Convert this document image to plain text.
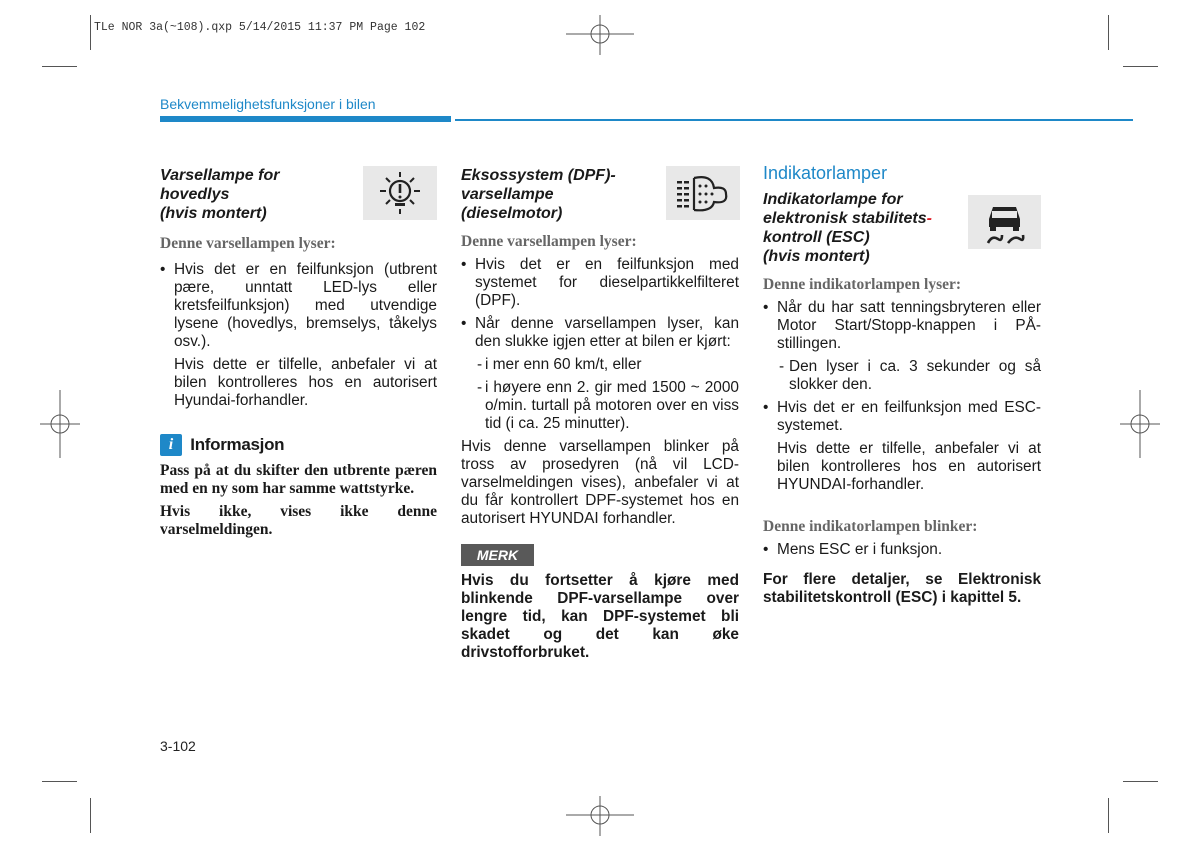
TLe NOR 3a(~108).qxp 5/14/2015 11:37 PM Page 102
Bekvemmelighetsfunksjoner i bilen
Varsellampe for
hovedlys
(hvis montert)
Denne varsellampen lyser:
• Hvis det er en feilfunksjon (utbrent pære, unntatt LED-lys eller kretsfeilfunksjon) med utvendige lysene (hovedlys, bremselys, tåkelys osv.).
Hvis dette er tilfelle, anbefaler vi at bilen kontrolleres hos en autorisert Hyundai-forhandler.
i Informasjon
Pass på at du skifter den utbrente pæren med en ny som har samme wattstyrke.
Hvis ikke, vises ikke denne varselmeldingen.
Eksossystem (DPF)-
varsellampe
(dieselmotor)
Denne varsellampen lyser:
• Hvis det er en feilfunksjon med systemet for dieselpartikkelfilteret (DPF).
• Når denne varsellampen lyser, kan den slukke igjen etter at bilen er kjørt:
- i mer enn 60 km/t, eller
- i høyere enn 2. gir med 1500 ~ 2000 o/min. turtall på motoren over en viss tid (i ca. 25 minutter).
Hvis denne varsellampen blinker på tross av prosedyren (nå vil LCD-varselmeldingen vises), anbefaler vi at du får kontrollert DPF-systemet hos en autorisert HYUNDAI forhandler.
MERK
Hvis du fortsetter å kjøre med blinkende DPF-varsellampe over lengre tid, kan DPF-systemet bli skadet og det kan øke drivstofforbruket.
Indikatorlamper
Indikatorlampe for
elektronisk stabilitets-
kontroll (ESC)
(hvis montert)
Denne indikatorlampen lyser:
• Når du har satt tenningsbryteren eller Motor Start/Stopp-knappen i PÅ- stillingen.
- Den lyser i ca. 3 sekunder og så slokker den.
• Hvis det er en feilfunksjon med ESC- systemet.
Hvis dette er tilfelle, anbefaler vi at bilen kontrolleres hos en autorisert HYUNDAI-forhandler.
Denne indikatorlampen blinker:
• Mens ESC er i funksjon.
For flere detaljer, se Elektronisk stabilitetskontroll (ESC) i kapittel 5.
3-102
